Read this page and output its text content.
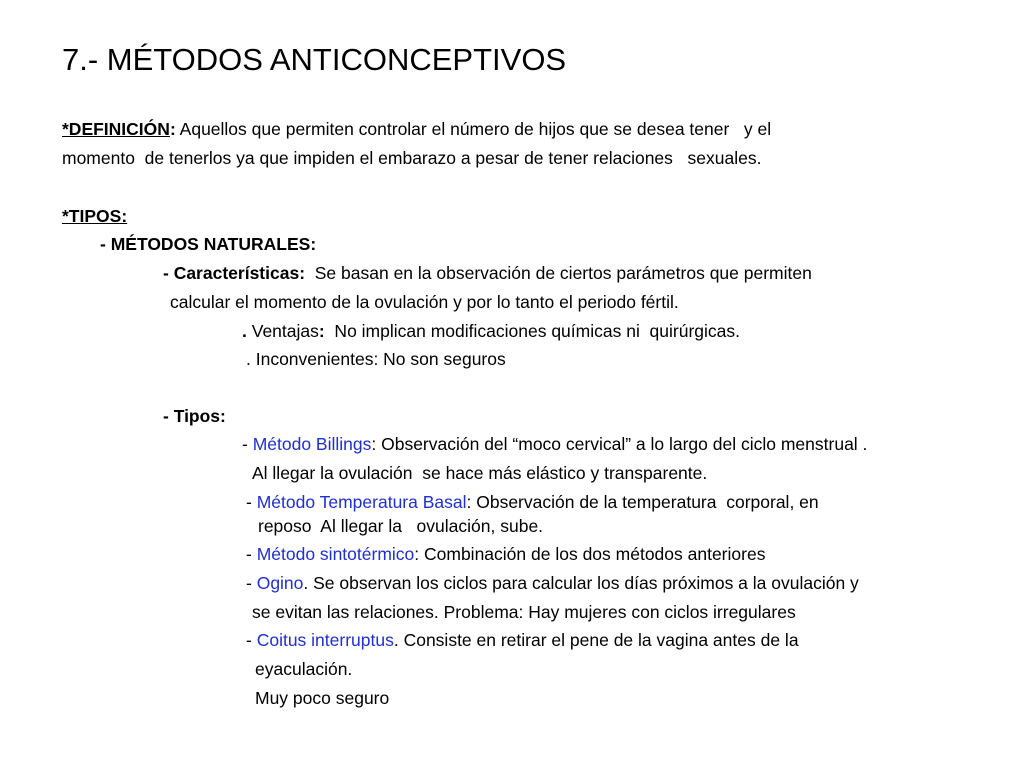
7.- MÉTODOS ANTICONCEPTIVOS
*DEFINICIÓN: Aquellos que permiten controlar el número de hijos que se desea tener   y el
momento  de tenerlos ya que impiden el embarazo a pesar de tener relaciones   sexuales.
*TIPOS:
- MÉTODOS NATURALES:
- Características:  Se basan en la observación de ciertos parámetros que permiten
calcular el momento de la ovulación y por lo tanto el periodo fértil.
. Ventajas:  No implican modificaciones químicas ni  quirúrgicas.
. Inconvenientes: No son seguros
- Tipos:
- Método Billings: Observación del “moco cervical” a lo largo del ciclo menstrual .
Al llegar la ovulación  se hace más elástico y transparente.
- Método Temperatura Basal: Observación de la temperatura  corporal, en
reposo  Al llegar la   ovulación, sube.
- Método sintotérmico: Combinación de los dos métodos anteriores
- Ogino. Se observan los ciclos para calcular los días próximos a la ovulación y
se evitan las relaciones. Problema: Hay mujeres con ciclos irregulares
- Coitus interruptus. Consiste en retirar el pene de la vagina antes de la
eyaculación.
Muy poco seguro
